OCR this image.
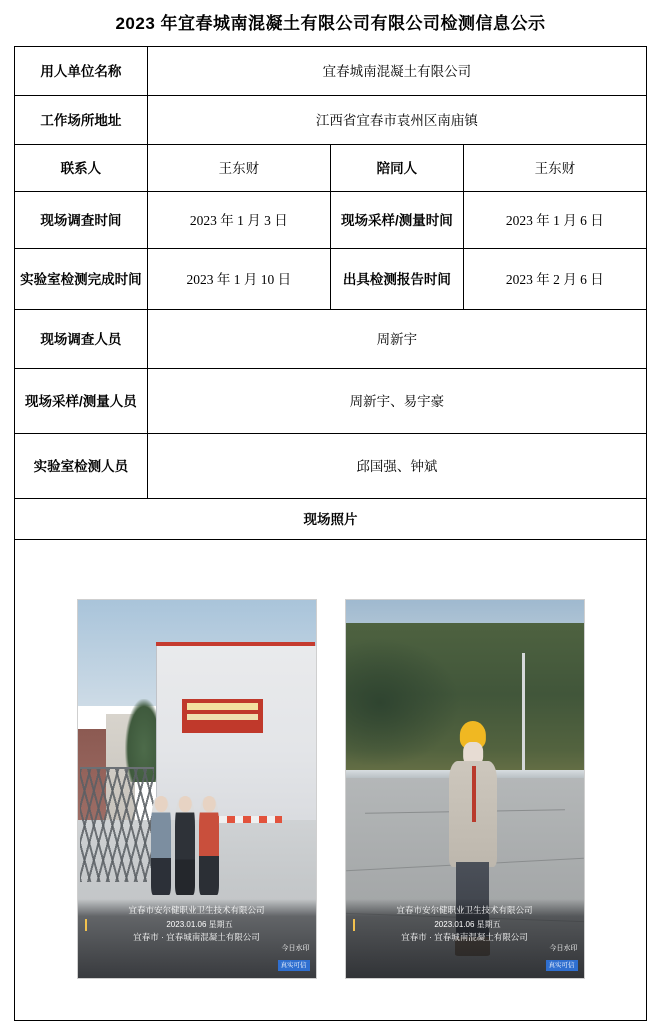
2023 年宜春城南混凝土有限公司有限公司检测信息公示
用人单位名称	宜春城南混凝土有限公司		
工作场所地址	江西省宜春市袁州区南庙镇		
联系人	王东财	陪同人	王东财
现场调查时间	2023 年 1 月 3 日	现场采样/测量时间	2023 年 1 月 6 日
实验室检测完成时间	2023 年 1 月 10 日	出具检测报告时间	2023 年 2 月 6 日
现场调查人员	周新宇		
现场采样/测量人员	周新宇、易宇豪		
实验室检测人员	邱国强、钟斌		
现场照片			

宜春市安尔健职业卫生技术有限公司
2023.01.06 星期五
宜春市 · 宜春城南混凝土有限公司
今日水印
真实可信
宜春市安尔健职业卫生技术有限公司
2023.01.06 星期五
宜春市 · 宜春城南混凝土有限公司
今日水印
真实可信
